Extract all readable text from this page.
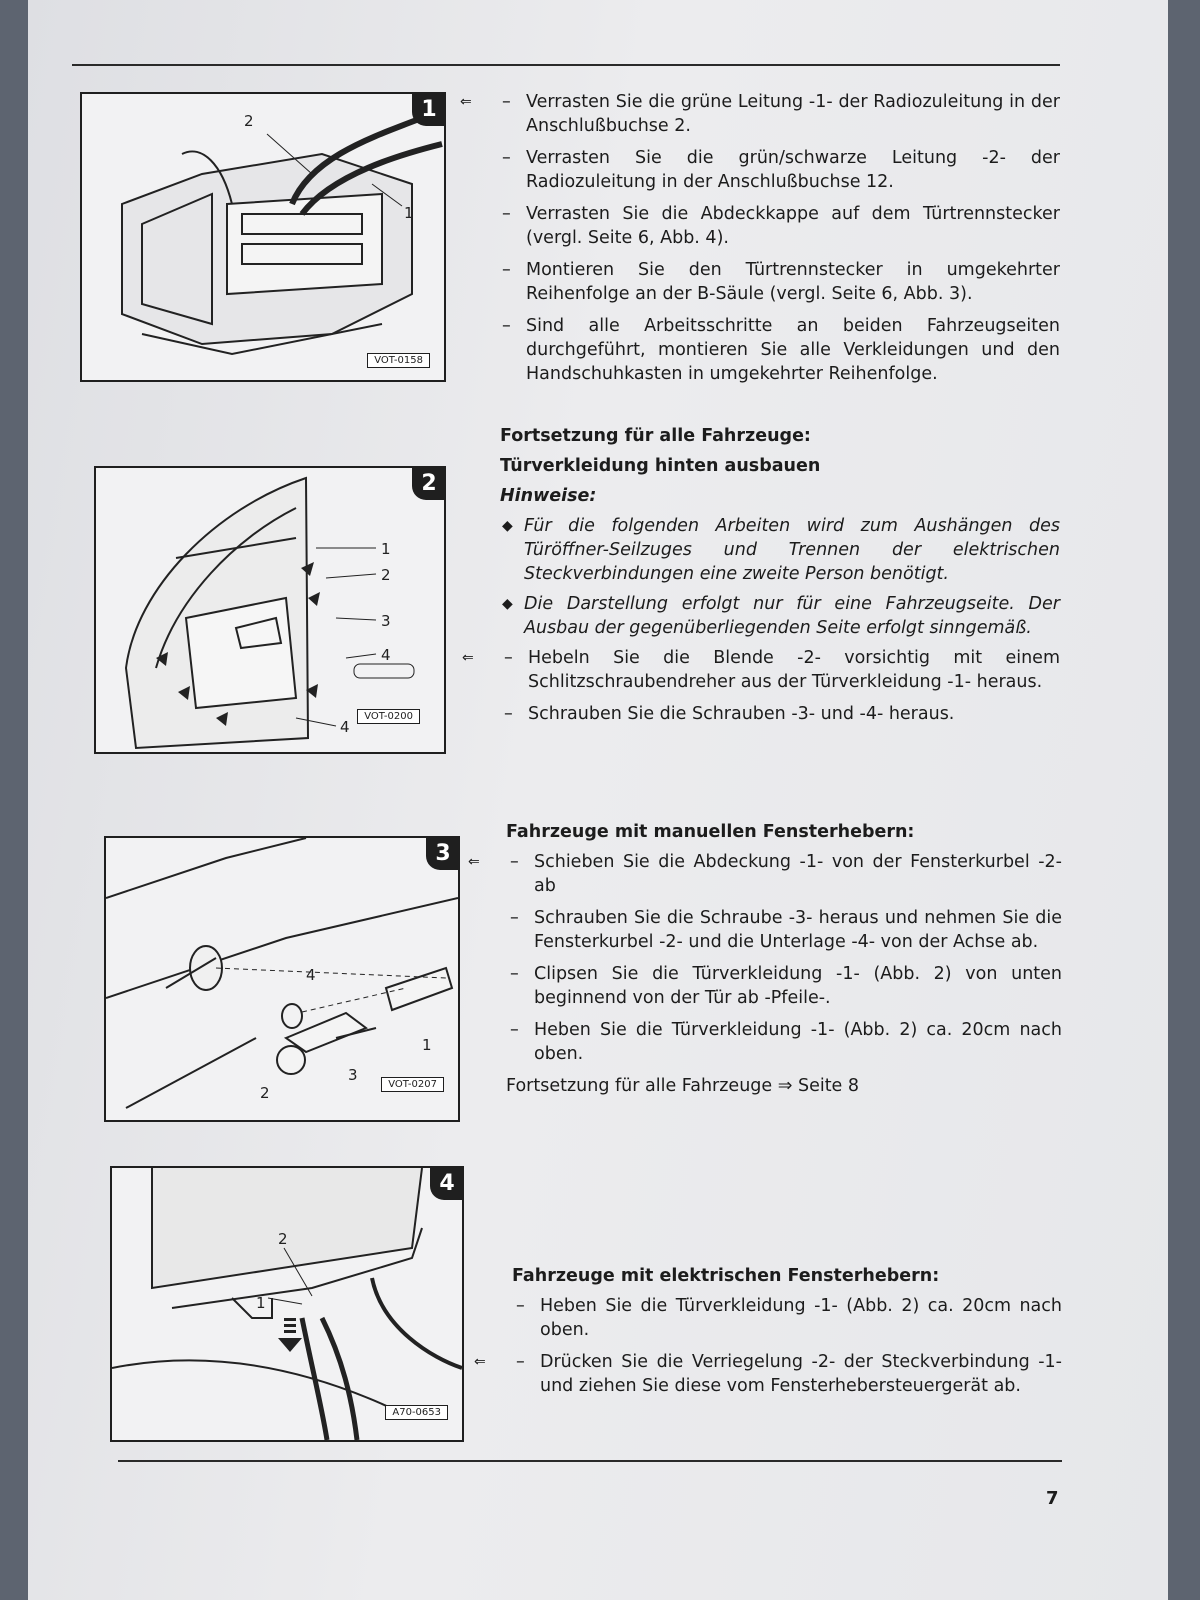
2
1
1
VOT-0158
1
2
3
4
4
2
VOT-0200
4
1
3
2
3
VOT-0207
2
1
4
A70-0653
⇐ – Verrasten Sie die grüne Leitung -1- der Radiozuleitung in der Anschlußbuchse 2.
– Verrasten Sie die grün/schwarze Leitung -2- der Radiozuleitung in der Anschlußbuchse 12.
– Verrasten Sie die Abdeckkappe auf dem Türtrennstecker (vergl. Seite 6, Abb. 4).
– Montieren Sie den Türtrennstecker in umgekehrter Reihenfolge an der B-Säule (vergl. Seite 6, Abb. 3).
– Sind alle Arbeitsschritte an beiden Fahrzeugseiten durchgeführt, montieren Sie alle Verkleidungen und den Handschuhkasten in umgekehrter Reihenfolge.
Fortsetzung für alle Fahrzeuge:
Türverkleidung hinten ausbauen
Hinweise:
◆ Für die folgenden Arbeiten wird zum Aushängen des Türöffner-Seilzuges und Trennen der elektrischen Steckverbindungen eine zweite Person benötigt.
◆ Die Darstellung erfolgt nur für eine Fahrzeugseite. Der Ausbau der gegenüberliegenden Seite erfolgt sinngemäß.
⇐ – Hebeln Sie die Blende -2- vorsichtig mit einem Schlitzschraubendreher aus der Türverkleidung -1- heraus.
– Schrauben Sie die Schrauben -3- und -4- heraus.
Fahrzeuge mit manuellen Fensterhebern:
⇐ – Schieben Sie die Abdeckung -1- von der Fensterkurbel -2- ab
– Schrauben Sie die Schraube -3- heraus und nehmen Sie die Fensterkurbel -2- und die Unterlage -4- von der Achse ab.
– Clipsen Sie die Türverkleidung -1- (Abb. 2) von unten beginnend von der Tür ab -Pfeile-.
– Heben Sie die Türverkleidung -1- (Abb. 2) ca. 20cm nach oben.
Fortsetzung für alle Fahrzeuge ⇒ Seite 8
Fahrzeuge mit elektrischen Fensterhebern:
– Heben Sie die Türverkleidung -1- (Abb. 2) ca. 20cm nach oben.
⇐ – Drücken Sie die Verriegelung -2- der Steckverbindung -1- und ziehen Sie diese vom Fensterhebersteuergerät ab.
7
